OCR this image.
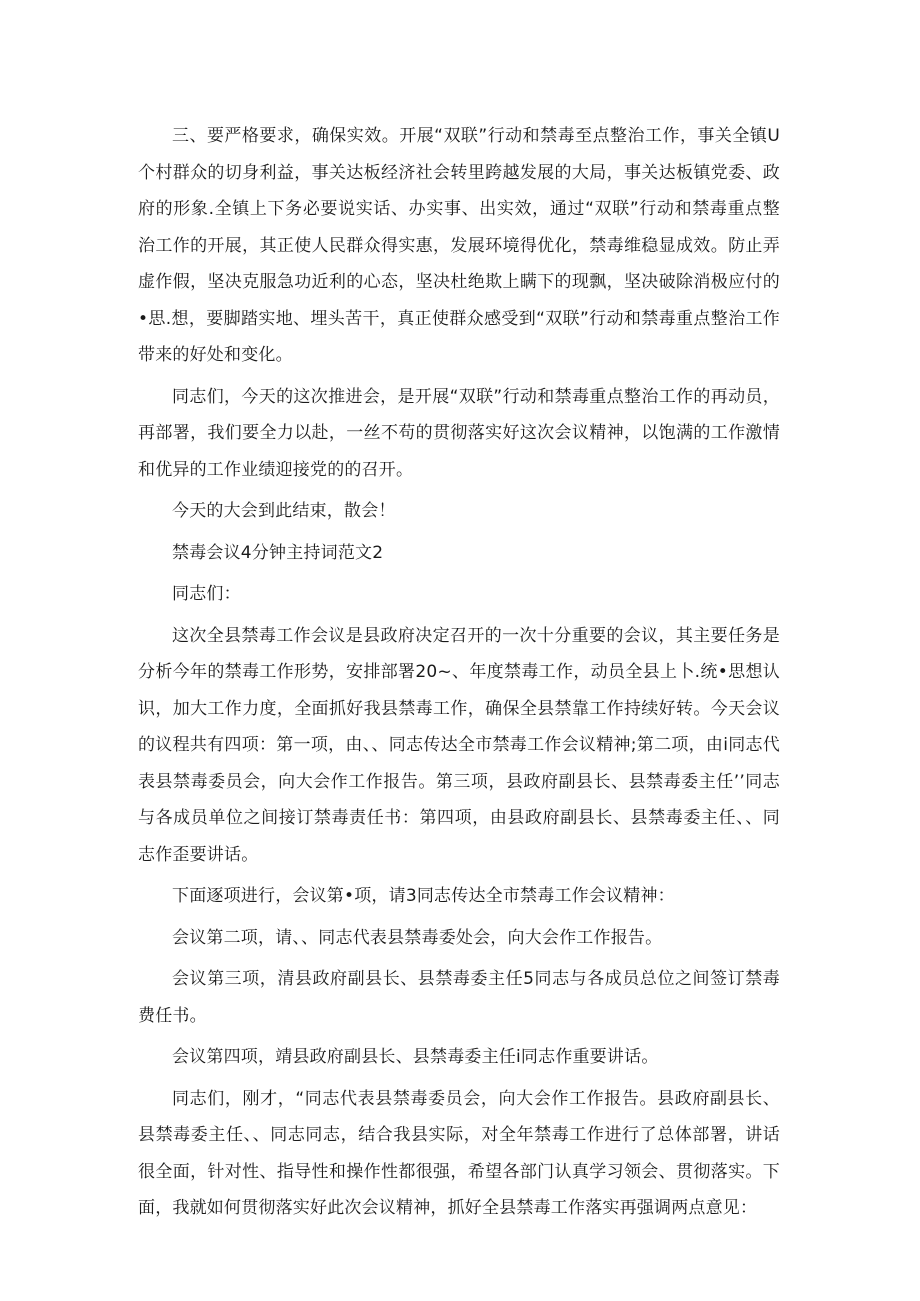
三、要严格要求，确保实效。开展“双联”行动和禁毒至点整治工作，事关全镇U个村群众的切身利益，事关达板经济社会转里跨越发展的大局，事关达板镇党委、政府的形象.全镇上下务必要说实话、办实事、出实效，通过“双联”行动和禁毒重点整治工作的开展，其正使人民群众得实惠，发展环境得优化，禁毒维稳显成效。防止弄虚作假，坚决克服急功近利的心态，坚决杜绝欺上瞒下的现飘，坚决破除消极应付的•思.想，要脚踏实地、埋头苦干，真正使群众感受到“双联”行动和禁毒重点整治工作带来的好处和变化。

同志们，今天的这次推进会，是开展“双联”行动和禁毒重点整治工作的再动员，再部署，我们要全力以赴，一丝不苟的贯彻落实好这次会议精神，以饱满的工作激情和优异的工作业绩迎接党的的召开。

今天的大会到此结束，散会！

禁毒会议4分钟主持词范文2

同志们：

这次全县禁毒工作会议是县政府决定召开的一次十分重要的会议，其主要任务是分析今年的禁毒工作形势，安排部署20~、年度禁毒工作，动员全县上卜.统•思想认识，加大工作力度，全面抓好我县禁毒工作，确保全县禁靠工作持续好转。今天会议的议程共有四项：第一项，由、、同志传达全市禁毒工作会议精神;第二项，由i同志代表县禁毒委员会，向大会作工作报告。第三项，县政府副县长、县禁毒委主任’’同志与各成员单位之间接订禁毒责任书：第四项，由县政府副县长、县禁毒委主任、、同志作歪要讲话。

下面逐项进行，会议第•项，请3同志传达全市禁毒工作会议精神：

会议第二项，请、、同志代表县禁毒委处会，向大会作工作报告。

会议第三项，清县政府副县长、县禁毒委主任5同志与各成员总位之间签订禁毒费任书。

会议第四项，靖县政府副县长、县禁毒委主任i同志作重要讲话。

同志们，刚才，“同志代表县禁毒委员会，向大会作工作报告。县政府副县长、县禁毒委主任、、同志同志，结合我县实际，对全年禁毒工作进行了总体部署，讲话很全面，针对性、指导性和操作性都很强，希望各部门认真学习领会、贯彻落实。下面，我就如何贯彻落实好此次会议精神，抓好全县禁毒工作落实再强调两点意见：
